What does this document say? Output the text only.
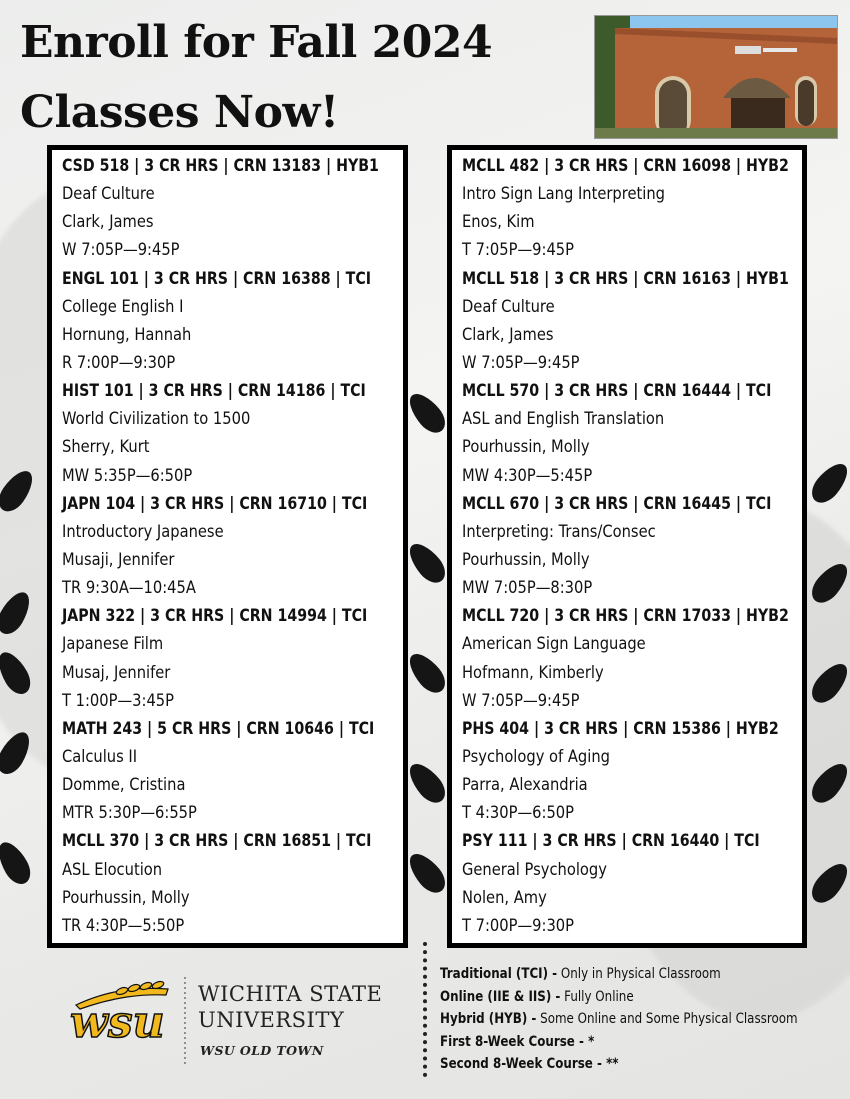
Enroll for Fall 2024
Classes Now!
CSD 518 | 3 CR HRS | CRN 13183 | HYB1
Deaf Culture
Clark, James
W 7:05P—9:45P
ENGL 101 | 3 CR HRS | CRN 16388 | TCI
College English I
Hornung, Hannah
R 7:00P—9:30P
HIST 101 | 3 CR HRS | CRN 14186 | TCI
World Civilization to 1500
Sherry, Kurt
MW 5:35P—6:50P
JAPN 104 | 3 CR HRS | CRN 16710 | TCI
Introductory Japanese
Musaji, Jennifer
TR 9:30A—10:45A
JAPN 322 | 3 CR HRS | CRN 14994 | TCI
Japanese Film
Musaj, Jennifer
T 1:00P—3:45P
MATH 243 | 5 CR HRS | CRN 10646 | TCI
Calculus II
Domme, Cristina
MTR 5:30P—6:55P
MCLL 370 | 3 CR HRS | CRN 16851 | TCI
ASL Elocution
Pourhussin, Molly
TR 4:30P—5:50P
MCLL 482 | 3 CR HRS | CRN 16098 | HYB2
Intro Sign Lang Interpreting
Enos, Kim
T 7:05P—9:45P
MCLL 518 | 3 CR HRS | CRN 16163 | HYB1
Deaf Culture
Clark, James
W 7:05P—9:45P
MCLL 570 | 3 CR HRS | CRN 16444 | TCI
ASL and English Translation
Pourhussin, Molly
MW 4:30P—5:45P
MCLL 670 | 3 CR HRS | CRN 16445 | TCI
Interpreting: Trans/Consec
Pourhussin, Molly
MW 7:05P—8:30P
MCLL 720 | 3 CR HRS | CRN 17033 | HYB2
American Sign Language
Hofmann, Kimberly
W 7:05P—9:45P
PHS 404 | 3 CR HRS | CRN 15386 | HYB2
Psychology of Aging
Parra, Alexandria
T 4:30P—6:50P
PSY 111 | 3 CR HRS | CRN 16440 | TCI
General Psychology
Nolen, Amy
T 7:00P—9:30P
wsu
WICHITA STATE
UNIVERSITY
WSU OLD TOWN
Traditional (TCI) - Only in Physical Classroom
Online (IIE & IIS) - Fully Online
Hybrid (HYB) - Some Online and Some Physical Classroom
First 8-Week Course - *
Second 8-Week Course - **
